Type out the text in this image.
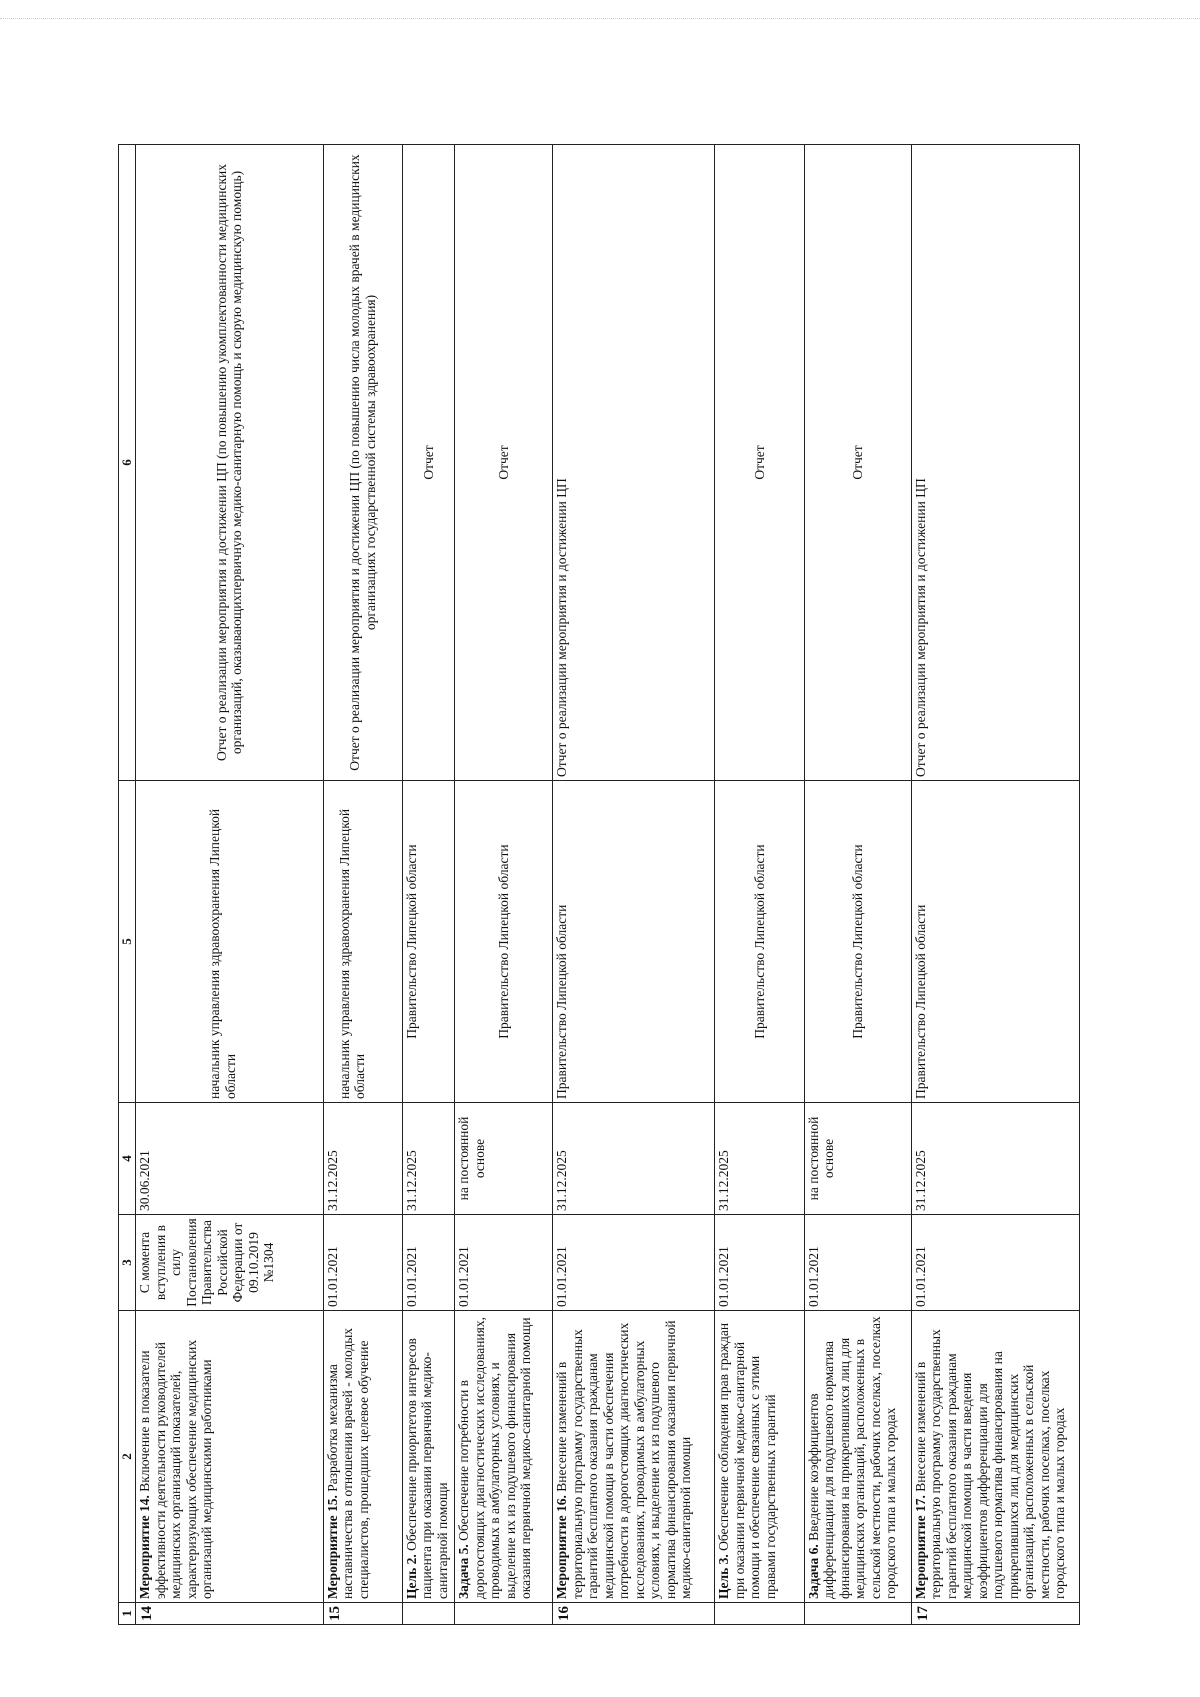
1	2	3	4	5	6
14	Мероприятие 14. Включение в показатели эффективности деятельности руководителей медицинских организаций показателей, характеризующих обеспечение медицинских организаций медицинскими работниками	С момента вступления в силу Постановления Правительства Российской Федерации от 09.10.2019 №1304	30.06.2021	начальник управления здравоохранения Липецкой области	Отчет о реализации мероприятия и достижении ЦП (по повышению укомплектованности медицинских организаций, оказывающихпервичную медико-санитарную помощь и скорую медицинскую помощь)
15	Мероприятие 15. Разработка механизма наставничества в отношении врачей - молодых специалистов, прошедших целевое обучение	01.01.2021	31.12.2025	начальник управления здравоохранения Липецкой области	Отчет о реализации мероприятия и достижении ЦП (по повышению числа молодых врачей в медицинских организациях государственной системы здравоохранения)
	Цель 2. Обеспечение приоритетов интересов пациента при оказании первичной медико-санитарной помощи	01.01.2021	31.12.2025	Правительство Липецкой области	Отчет
	Задача 5. Обеспечение потребности в дорогостоящих диагностических исследованиях, проводимых в амбулаторных условиях, и выделение их из подушевого финансирования оказания первичной медико-санитарной помощи	01.01.2021	на постоянной основе	Правительство Липецкой области	Отчет
16	Мероприятие 16. Внесение изменений в территориальную программу государственных гарантий бесплатного оказания гражданам медицинской помощи в части обеспечения потребности в дорогостоящих диагностических исследованиях, проводимых в амбулаторных условиях, и выделение их из подушевого норматива финансирования оказания первичной медико-санитарной помощи	01.01.2021	31.12.2025	Правительство Липецкой области	Отчет о реализации мероприятия и достижении ЦП
	Цель 3. Обеспечение соблюдения прав граждан при оказании первичной медико-санитарной помощи и обеспечение связанных с этими правами государственных гарантий	01.01.2021	31.12.2025	Правительство Липецкой области	Отчет
	Задача 6. Введение коэффициентов дифференциации для подушевого норматива финансирования на прикрепившихся лиц для медицинских организаций, расположенных в сельской местности, рабочих поселках, поселках городского типа и малых городах	01.01.2021	на постоянной основе	Правительство Липецкой области	Отчет
17	Мероприятие 17. Внесение изменений в территориальную программу государственных гарантий бесплатного оказания гражданам медицинской помощи в части введения коэффициентов дифференциации для подушевого норматива финансирования на прикрепившихся лиц для медицинских организаций, расположенных в сельской местности, рабочих поселках, поселках городского типа и малых городах	01.01.2021	31.12.2025	Правительство Липецкой области	Отчет о реализации мероприятия и достижении ЦП
